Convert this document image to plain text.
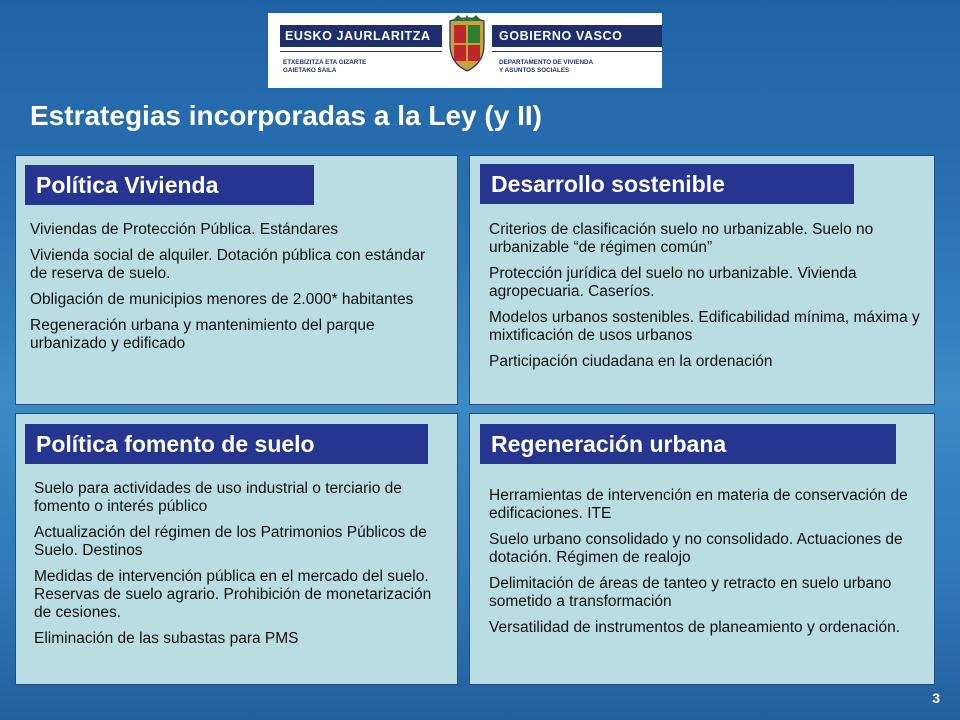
EUSKO JAURLARITZA
ETXEBIZITZA ETA GIZARTE
GAIETAKO SAILA
GOBIERNO VASCO
DEPARTAMENTO DE VIVIENDA
Y ASUNTOS SOCIALES
Estrategias incorporadas a la Ley (y II)
Política Vivienda
Viviendas de Protección Pública. Estándares
Vivienda social de alquiler. Dotación pública con estándar de reserva de suelo.
Obligación de municipios menores de 2.000* habitantes
Regeneración urbana y mantenimiento del parque urbanizado y edificado
Desarrollo sostenible
Criterios de clasificación suelo no urbanizable. Suelo no urbanizable “de régimen común”
Protección jurídica del suelo no urbanizable. Vivienda agropecuaria. Caseríos.
Modelos urbanos sostenibles. Edificabilidad mínima, máxima y mixtificación de usos urbanos
Participación ciudadana en la ordenación
Política fomento de suelo
Suelo para actividades de uso industrial o terciario de fomento o interés público
Actualización del régimen de los Patrimonios Públicos de Suelo. Destinos
Medidas de intervención pública en el mercado del suelo. Reservas de suelo agrario. Prohibición de monetarización de cesiones.
Eliminación de las subastas para PMS
Regeneración urbana
Herramientas de intervención en materia de conservación de edificaciones. ITE
Suelo urbano consolidado y no consolidado. Actuaciones de dotación. Régimen de realojo
Delimitación de áreas de tanteo y retracto en suelo urbano sometido a transformación
Versatilidad de instrumentos de planeamiento y ordenación.
3
